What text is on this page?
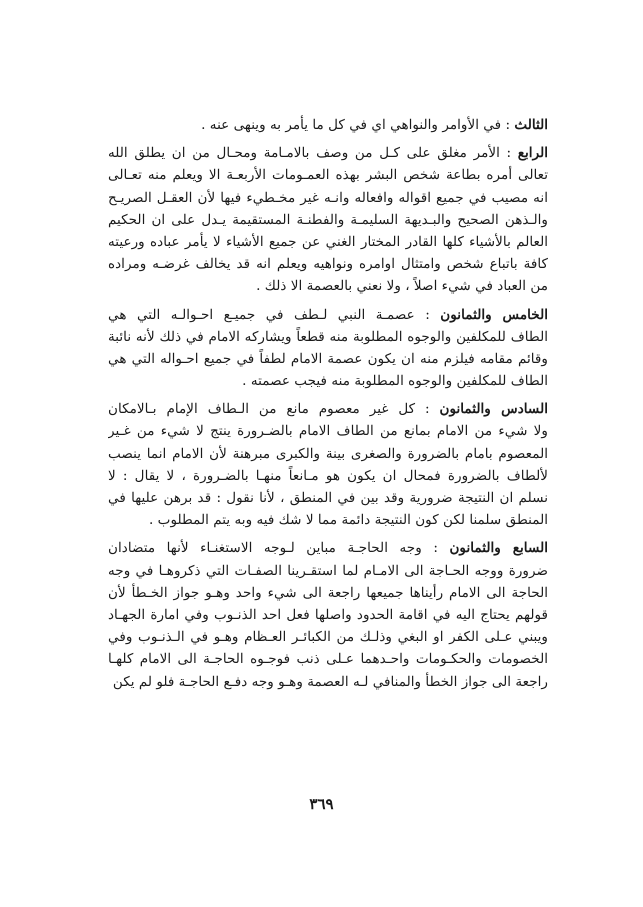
الثالث : في الأوامر والنواهي اي في كل ما يأمر به وينهى عنه .
الرابع : الأمر مغلق على كـل من وصف بالامـامة ومحـال من ان يطلق الله
تعالى أمره بطاعة شخص البشر بهذه العمـومات الأربعـة الا ويعلم منه تعـالى
انه مصيب في جميع اقواله وافعاله وانـه غير مخـطيء فيها لأن العقـل الصريـح
والـذهن الصحيح والبـديهة السليمـة والفطنـة المستقيمة يـدل على ان الحكيم
العالم بالأشياء كلها القادر المختار الغني عن جميع الأشياء لا يأمر عباده ورعيته
كافة باتباع شخص وامتثال اوامره ونواهيه ويعلم انه قد يخالف غرضـه ومراده
من العباد في شيء اصلاً ، ولا نعني بالعصمة الا ذلك .
الخامس والثمانون : عصمـة النبي لـطف في جميـع احـوالـه التي هي
الطاف للمكلفين والوجوه المطلوبة منه قطعاً ويشاركه الامام في ذلك لأنه نائبة
وقائم مقامه فيلزم منه ان يكون عصمة الامام لطفاً في جميع احـواله التي هي
الطاف للمكلفين والوجوه المطلوبة منه فيجب عصمته .
السادس والثمانون : كل غير معصوم مانع من الـطاف الإمام بـالامكان
ولا شيء من الامام بمانع من الطاف الامام بالضـرورة ينتج لا شيء من غـير
المعصوم بامام بالضرورة والصغرى بينة والكبرى مبرهنة لأن الامام انما ينصب
لألطاف بالضرورة فمحال ان يكون هو مـانعاً منهـا بالضـرورة ، لا يقال : لا
نسلم ان النتيجة ضرورية وقد بين في المنطق ، لأنا نقول : قد برهن عليها في
المنطق سلمنا لكن كون النتيجة دائمة مما لا شك فيه وبه يتم المطلوب .
السابع والثمانون : وجه الحاجـة مباين لـوجه الاستغنـاء لأنها متضادان
ضرورة ووجه الحـاجة الى الامـام لما استقـرينا الصفـات التي ذكروهـا في وجه
الحاجة الى الامام رأيناها جميعها راجعة الى شيء واحد وهـو جواز الخـطأ لأن
قولهم يحتاج اليه في اقامة الحدود واصلها فعل احد الذنـوب وفي امارة الجهـاد
ويبني عـلى الكفر او البغي وذلـك من الكبائـر العـظام وهـو في الـذنـوب وفي
الخصومات والحكـومات واحـدهما عـلى ذنب فوجـوه الحاجـة الى الامام كلهـا
راجعة الى جواز الخطأ والمنافي لـه العصمة وهـو وجه دفـع الحاجـة فلو لم يكن
٣٦٩
